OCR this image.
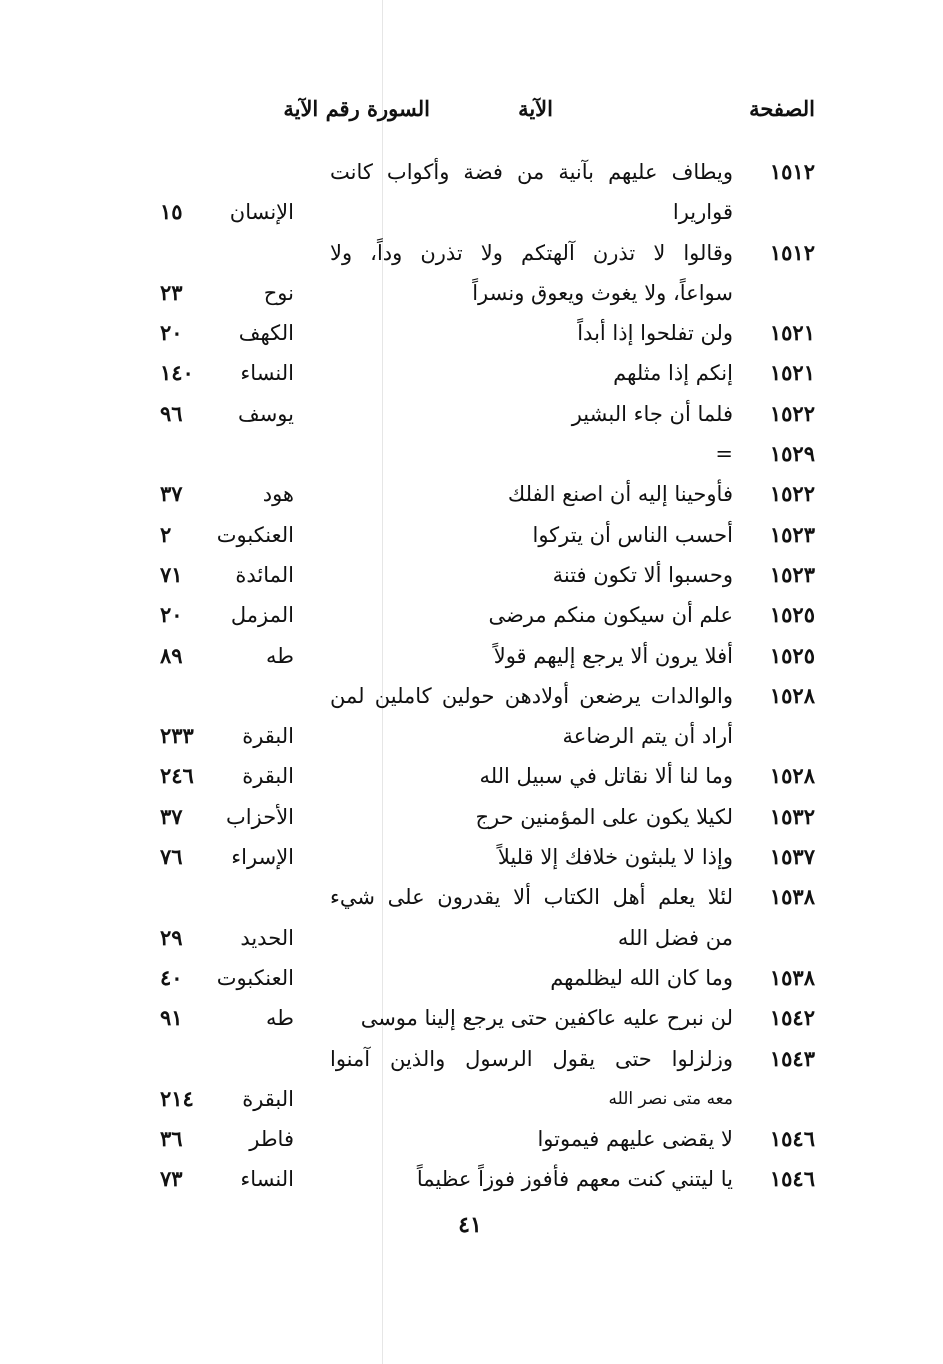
الصفحة
الآية
السورة رقم الآية
١٥١٢
ويطاف عليهم بآنية من فضة وأكواب كانت
قواريرا
الإنسان
١٥
١٥١٢
وقالوا لا تذرن آلهتكم ولا تذرن وداً، ولا
سواعاً، ولا يغوث ويعوق ونسراً
نوح
٢٣
١٥٢١
ولن تفلحوا إذا أبداً
الكهف
٢٠
١٥٢١
إنكم إذا مثلهم
النساء
١٤٠
١٥٢٢
فلما أن جاء البشير
يوسف
٩٦
١٥٢٩
=
١٥٢٢
فأوحينا إليه أن اصنع الفلك
هود
٣٧
١٥٢٣
أحسب الناس أن يتركوا
العنكبوت
٢
١٥٢٣
وحسبوا ألا تكون فتنة
المائدة
٧١
١٥٢٥
علم أن سيكون منكم مرضى
المزمل
٢٠
١٥٢٥
أفلا يرون ألا يرجع إليهم قولاً
طه
٨٩
١٥٢٨
والوالدات يرضعن أولادهن حولين كاملين لمن
أراد أن يتم الرضاعة
البقرة
٢٣٣
١٥٢٨
وما لنا ألا نقاتل في سبيل الله
البقرة
٢٤٦
١٥٣٢
لكيلا يكون على المؤمنين حرج
الأحزاب
٣٧
١٥٣٧
وإذا لا يلبثون خلافك إلا قليلاً
الإسراء
٧٦
١٥٣٨
لئلا يعلم أهل الكتاب ألا يقدرون على شيء
من فضل الله
الحديد
٢٩
١٥٣٨
وما كان الله ليظلمهم
العنكبوت
٤٠
١٥٤٢
لن نبرح عليه عاكفين حتى يرجع إلينا موسى
طه
٩١
١٥٤٣
وزلزلوا حتى يقول الرسول والذين آمنوا
معه متى نصر الله
البقرة
٢١٤
١٥٤٦
لا يقضى عليهم فيموتوا
فاطر
٣٦
١٥٤٦
يا ليتني كنت معهم فأفوز فوزاً عظيماً
النساء
٧٣
٤١
